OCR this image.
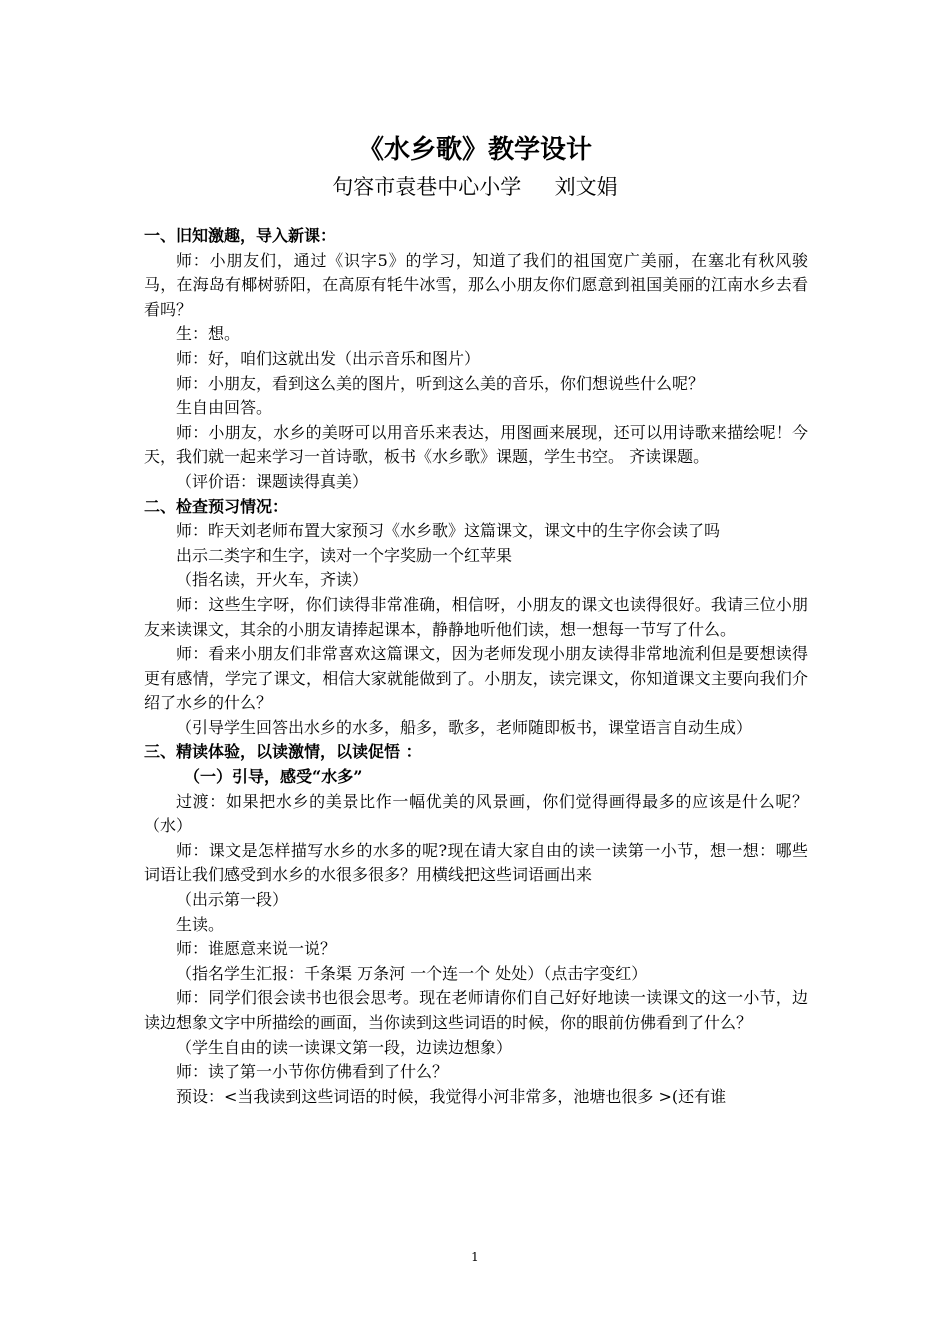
《水乡歌》教学设计
句容市袁巷中心小学     刘文娟

一、旧知激趣，导入新课：

师：小朋友们，通过《识字5》的学习，知道了我们的祖国宽广美丽，在塞北有秋风骏马，在海岛有椰树骄阳，在高原有牦牛冰雪，那么小朋友你们愿意到祖国美丽的江南水乡去看看吗？

生：想。

师：好，咱们这就出发（出示音乐和图片）

师：小朋友，看到这么美的图片，听到这么美的音乐，你们想说些什么呢？

生自由回答。

师：小朋友，水乡的美呀可以用音乐来表达，用图画来展现，还可以用诗歌来描绘呢！今天，我们就一起来学习一首诗歌，板书《水乡歌》课题，学生书空。 齐读课题。

（评价语：课题读得真美）

二、检查预习情况：

师：昨天刘老师布置大家预习《水乡歌》这篇课文，课文中的生字你会读了吗

出示二类字和生字，读对一个字奖励一个红苹果

（指名读，开火车，齐读）

师：这些生字呀，你们读得非常准确，相信呀，小朋友的课文也读得很好。我请三位小朋友来读课文，其余的小朋友请捧起课本，静静地听他们读，想一想每一节写了什么。

师：看来小朋友们非常喜欢这篇课文，因为老师发现小朋友读得非常地流利但是要想读得更有感情，学完了课文，相信大家就能做到了。小朋友，读完课文，你知道课文主要向我们介绍了水乡的什么？

（引导学生回答出水乡的水多，船多，歌多，老师随即板书，课堂语言自动生成）

三、精读体验，以读激情，以读促悟 ：

（一）引导，感受“水多”

过渡：如果把水乡的美景比作一幅优美的风景画，你们觉得画得最多的应该是什么呢？（水）

师：课文是怎样描写水乡的水多的呢?现在请大家自由的读一读第一小节，想一想：哪些词语让我们感受到水乡的水很多很多？用横线把这些词语画出来

（出示第一段）

生读。

师：谁愿意来说一说？

（指名学生汇报：千条渠 万条河 一个连一个 处处）（点击字变红）

师：同学们很会读书也很会思考。现在老师请你们自己好好地读一读课文的这一小节，边读边想象文字中所描绘的画面，当你读到这些词语的时候，你的眼前仿佛看到了什么？

（学生自由的读一读课文第一段，边读边想象）

师：读了第一小节你仿佛看到了什么？

预设：<当我读到这些词语的时候，我觉得小河非常多，池塘也很多 >(还有谁

1
